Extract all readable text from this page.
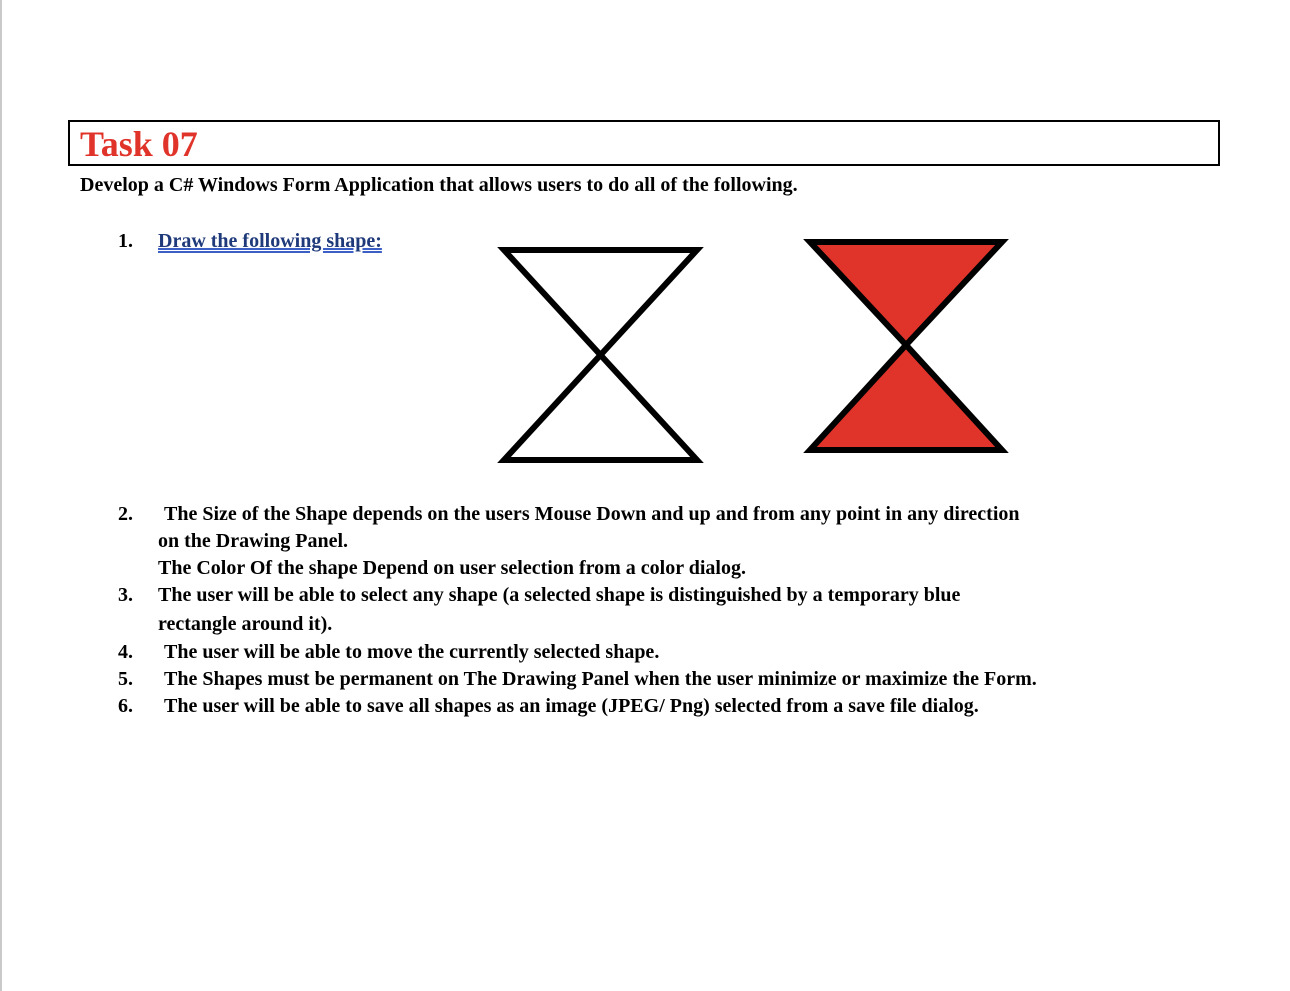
Task 07
Develop a C# Windows Form Application that allows users to do all of the following.
1. Draw the following shape:
2. The Size of the Shape depends on the users Mouse Down and up and from any point in any direction
on the Drawing Panel.
The Color Of the shape Depend on user selection from a color dialog.
3. The user will be able to select any shape (a selected shape is distinguished by a temporary blue
rectangle around it).
4. The user will be able to move the currently selected shape.
5. The Shapes must be permanent on The Drawing Panel when the user minimize or maximize the Form.
6. The user will be able to save all shapes as an image (JPEG/ Png) selected from a save file dialog.
